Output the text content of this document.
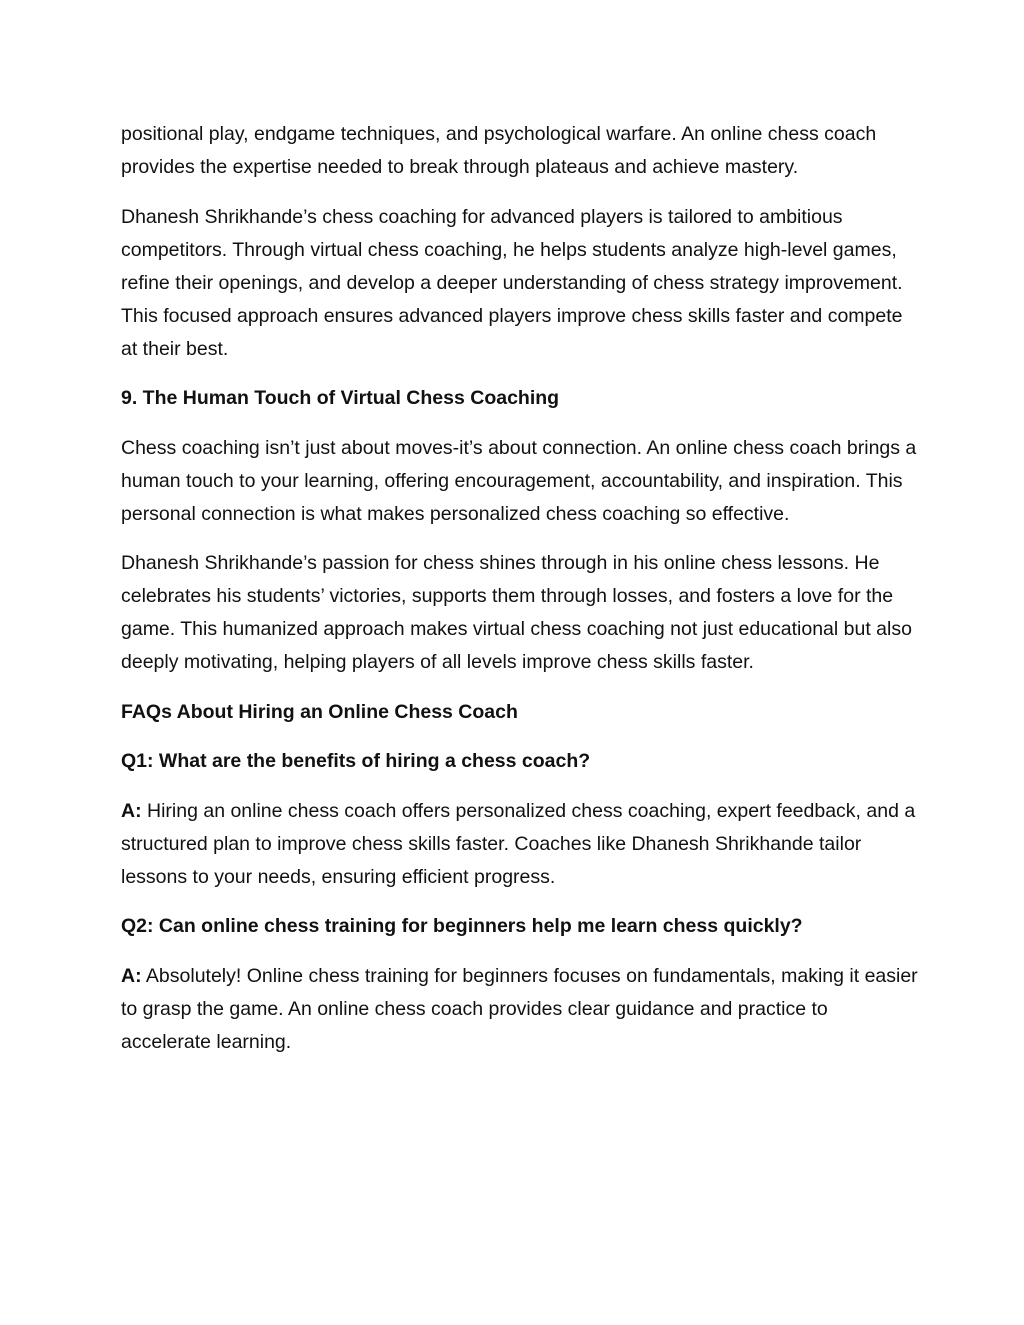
positional play, endgame techniques, and psychological warfare. An online chess coach provides the expertise needed to break through plateaus and achieve mastery.

Dhanesh Shrikhande’s chess coaching for advanced players is tailored to ambitious competitors. Through virtual chess coaching, he helps students analyze high-level games, refine their openings, and develop a deeper understanding of chess strategy improvement. This focused approach ensures advanced players improve chess skills faster and compete at their best.

9. The Human Touch of Virtual Chess Coaching

Chess coaching isn’t just about moves-it’s about connection. An online chess coach brings a human touch to your learning, offering encouragement, accountability, and inspiration. This personal connection is what makes personalized chess coaching so effective.

Dhanesh Shrikhande’s passion for chess shines through in his online chess lessons. He celebrates his students’ victories, supports them through losses, and fosters a love for the game. This humanized approach makes virtual chess coaching not just educational but also deeply motivating, helping players of all levels improve chess skills faster.

FAQs About Hiring an Online Chess Coach

Q1: What are the benefits of hiring a chess coach?

A: Hiring an online chess coach offers personalized chess coaching, expert feedback, and a structured plan to improve chess skills faster. Coaches like Dhanesh Shrikhande tailor lessons to your needs, ensuring efficient progress.

Q2: Can online chess training for beginners help me learn chess quickly?

A: Absolutely! Online chess training for beginners focuses on fundamentals, making it easier to grasp the game. An online chess coach provides clear guidance and practice to accelerate learning.
